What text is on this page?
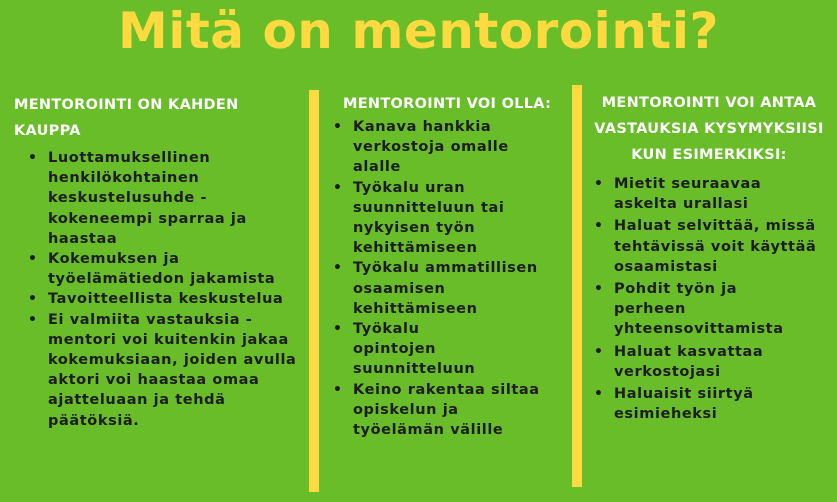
Mitä on mentorointi?
MENTOROINTI ON KAHDEN KAUPPA
• Luottamuksellinen henkilökohtainen keskustelusuhde - kokeneempi sparraa ja haastaa
• Kokemuksen ja työelämätiedon jakamista
• Tavoitteellista keskustelua
• Ei valmiita vastauksia - mentori voi kuitenkin jakaa kokemuksiaan, joiden avulla aktori voi haastaa omaa ajatteluaan ja tehdä päätöksiä.
MENTOROINTI VOI OLLA:
• Kanava hankkia verkostoja omalle alalle
• Työkalu uran suunnitteluun tai nykyisen työn kehittämiseen
• Työkalu ammatillisen osaamisen kehittämiseen
• Työkalu opintojen suunnitteluun
• Keino rakentaa siltaa opiskelun ja työelämän välille
MENTOROINTI VOI ANTAA VASTAUKSIA KYSYMYKSIISI KUN ESIMERKIKSI:
• Mietit seuraavaa askelta urallasi
• Haluat selvittää, missä tehtävissä voit käyttää osaamistasi
• Pohdit työn ja perheen yhteensovittamista
• Haluat kasvattaa verkostojasi
• Haluaisit siirtyä esimieheksi
